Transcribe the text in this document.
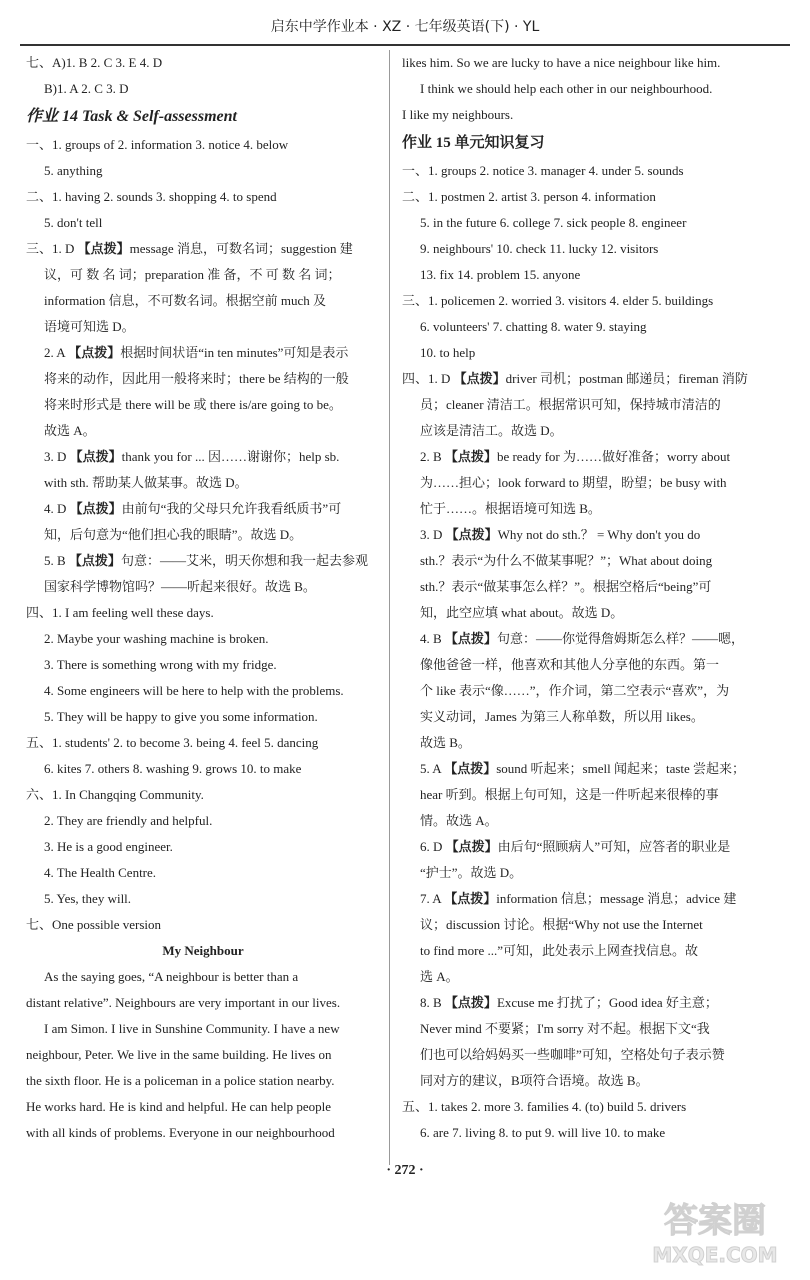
启东中学作业本 · XZ · 七年级英语(下) · YL
七、A)1. B 2. C 3. E 4. D
B)1. A 2. C 3. D
作业 14 Task & Self-assessment
一、1. groups of 2. information 3. notice 4. below
5. anything
二、1. having 2. sounds 3. shopping 4. to spend
5. don't tell
三、1. D 【点拨】message 消息，可数名词；suggestion 建
议，可 数 名 词；preparation 准 备，不 可 数 名 词；
information 信息，不可数名词。根据空前 much 及
语境可知选 D。
2. A 【点拨】根据时间状语“in ten minutes”可知是表示
将来的动作，因此用一般将来时；there be 结构的一般
将来时形式是 there will be 或 there is/are going to be。
故选 A。
3. D 【点拨】thank you for ... 因……谢谢你；help sb.
with sth. 帮助某人做某事。故选 D。
4. D 【点拨】由前句“我的父母只允许我看纸质书”可
知，后句意为“他们担心我的眼睛”。故选 D。
5. B 【点拨】句意：——艾米，明天你想和我一起去参观
国家科学博物馆吗？——听起来很好。故选 B。
四、1. I am feeling well these days.
2. Maybe your washing machine is broken.
3. There is something wrong with my fridge.
4. Some engineers will be here to help with the problems.
5. They will be happy to give you some information.
五、1. students' 2. to become 3. being 4. feel 5. dancing
6. kites 7. others 8. washing 9. grows 10. to make
六、1. In Changqing Community.
2. They are friendly and helpful.
3. He is a good engineer.
4. The Health Centre.
5. Yes, they will.
七、One possible version
My Neighbour
As the saying goes, “A neighbour is better than a
distant relative”. Neighbours are very important in our lives.
I am Simon. I live in Sunshine Community. I have a new
neighbour, Peter. We live in the same building. He lives on
the sixth floor. He is a policeman in a police station nearby.
He works hard. He is kind and helpful. He can help people
with all kinds of problems. Everyone in our neighbourhood
likes him. So we are lucky to have a nice neighbour like him.
I think we should help each other in our neighbourhood.
I like my neighbours.
作业 15 单元知识复习
一、1. groups 2. notice 3. manager 4. under 5. sounds
二、1. postmen 2. artist 3. person 4. information
5. in the future 6. college 7. sick people 8. engineer
9. neighbours' 10. check 11. lucky 12. visitors
13. fix 14. problem 15. anyone
三、1. policemen 2. worried 3. visitors 4. elder 5. buildings
6. volunteers' 7. chatting 8. water 9. staying
10. to help
四、1. D 【点拨】driver 司机；postman 邮递员；fireman 消防
员；cleaner 清洁工。根据常识可知，保持城市清洁的
应该是清洁工。故选 D。
2. B 【点拨】be ready for 为……做好准备；worry about
为……担心；look forward to 期望，盼望；be busy with
忙于……。根据语境可知选 B。
3. D 【点拨】Why not do sth.？ = Why don't you do
sth.？表示“为什么不做某事呢？”；What about doing
sth.？表示“做某事怎么样？”。根据空格后“being”可
知，此空应填 what about。故选 D。
4. B 【点拨】句意：——你觉得詹姆斯怎么样？——嗯，
像他爸爸一样，他喜欢和其他人分享他的东西。第一
个 like 表示“像……”，作介词，第二空表示“喜欢”，为
实义动词，James 为第三人称单数，所以用 likes。
故选 B。
5. A 【点拨】sound 听起来；smell 闻起来；taste 尝起来；
hear 听到。根据上句可知，这是一件听起来很棒的事
情。故选 A。
6. D 【点拨】由后句“照顾病人”可知，应答者的职业是
“护士”。故选 D。
7. A 【点拨】information 信息；message 消息；advice 建
议；discussion 讨论。根据“Why not use the Internet
to find more ...”可知，此处表示上网查找信息。故
选 A。
8. B 【点拨】Excuse me 打扰了；Good idea 好主意；
Never mind 不要紧；I'm sorry 对不起。根据下文“我
们也可以给妈妈买一些咖啡”可知，空格处句子表示赞
同对方的建议，B项符合语境。故选 B。
五、1. takes 2. more 3. families 4. (to) build 5. drivers
6. are 7. living 8. to put 9. will live 10. to make
· 272 ·
答案圈
MXQE.COM
